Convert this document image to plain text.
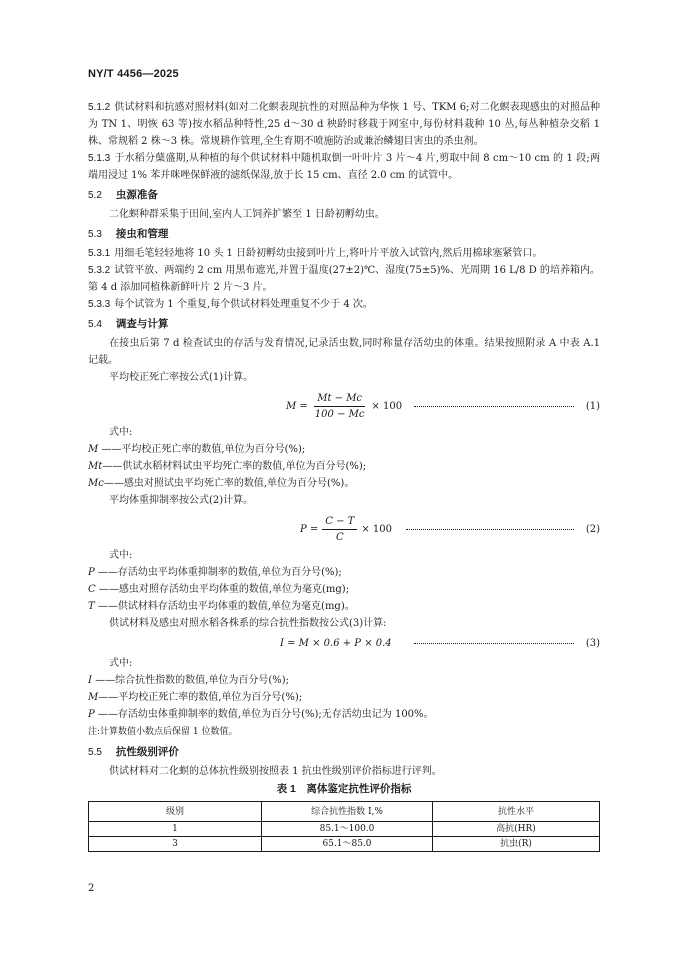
NY/T 4456—2025

5.1.2 供试材料和抗感对照材料(如对二化螟表现抗性的对照品种为华恢 1 号、TKM 6;对二化螟表现感虫的对照品种为 TN 1、明恢 63 等)按水稻品种特性,25 d～30 d 秧龄时移栽于网室中,每份材料栽种 10 丛,每丛种植杂交稻 1 株、常规稻 2 株～3 株。常规耕作管理,全生育期不喷施防治或兼治鳞翅目害虫的杀虫剂。

5.1.3 于水稻分蘖盛期,从种植的每个供试材料中随机取倒一叶叶片 3 片～4 片,剪取中间 8 cm～10 cm 的 1 段;两端用浸过 1% 苯并咪唑保鲜液的滤纸保湿,放于长 15 cm、直径 2.0 cm 的试管中。

5.2 虫源准备

二化螟种群采集于田间,室内人工饲养扩繁至 1 日龄初孵幼虫。

5.3 接虫和管理

5.3.1 用细毛笔轻轻地将 10 头 1 日龄初孵幼虫接到叶片上,将叶片平放入试管内,然后用棉球塞紧管口。

5.3.2 试管平放、两端约 2 cm 用黑布遮光,并置于温度(27±2)℃、湿度(75±5)%、光周期 16 L/8 D 的培养箱内。第 4 d 添加同植株新鲜叶片 2 片～3 片。

5.3.3 每个试管为 1 个重复,每个供试材料处理重复不少于 4 次。

5.4 调查与计算

在接虫后第 7 d 检查试虫的存活与发育情况,记录活虫数,同时称量存活幼虫的体重。结果按照附录 A 中表 A.1 记载。

平均校正死亡率按公式(1)计算。

$M = \frac{Mt - Mc}{100 - Mc} \times 100$	(1)

式中:

M ——平均校正死亡率的数值,单位为百分号(%);

Mt——供试水稻材料试虫平均死亡率的数值,单位为百分号(%);

Mc——感虫对照试虫平均死亡率的数值,单位为百分号(%)。

平均体重抑制率按公式(2)计算。

$P = \frac{C - T}{C} \times 100$	(2)

式中:

P ——存活幼虫平均体重抑制率的数值,单位为百分号(%);

C ——感虫对照存活幼虫平均体重的数值,单位为毫克(mg);

T ——供试材料存活幼虫平均体重的数值,单位为毫克(mg)。

供试材料及感虫对照水稻各株系的综合抗性指数按公式(3)计算:

I = M × 0.6 + P × 0.4	(3)

式中:

I ——综合抗性指数的数值,单位为百分号(%);

M——平均校正死亡率的数值,单位为百分号(%);

P ——存活幼虫体重抑制率的数值,单位为百分号(%);无存活幼虫记为 100%。

注:计算数值小数点后保留 1 位数值。

5.5 抗性级别评价

供试材料对二化螟的总体抗性级别按照表 1 抗虫性级别评价指标进行评判。

表 1　离体鉴定抗性评价指标
级别	综合抗性指数 I,%	抗性水平
1	85.1～100.0	高抗(HR)
3	65.1～85.0	抗虫(R)
2
